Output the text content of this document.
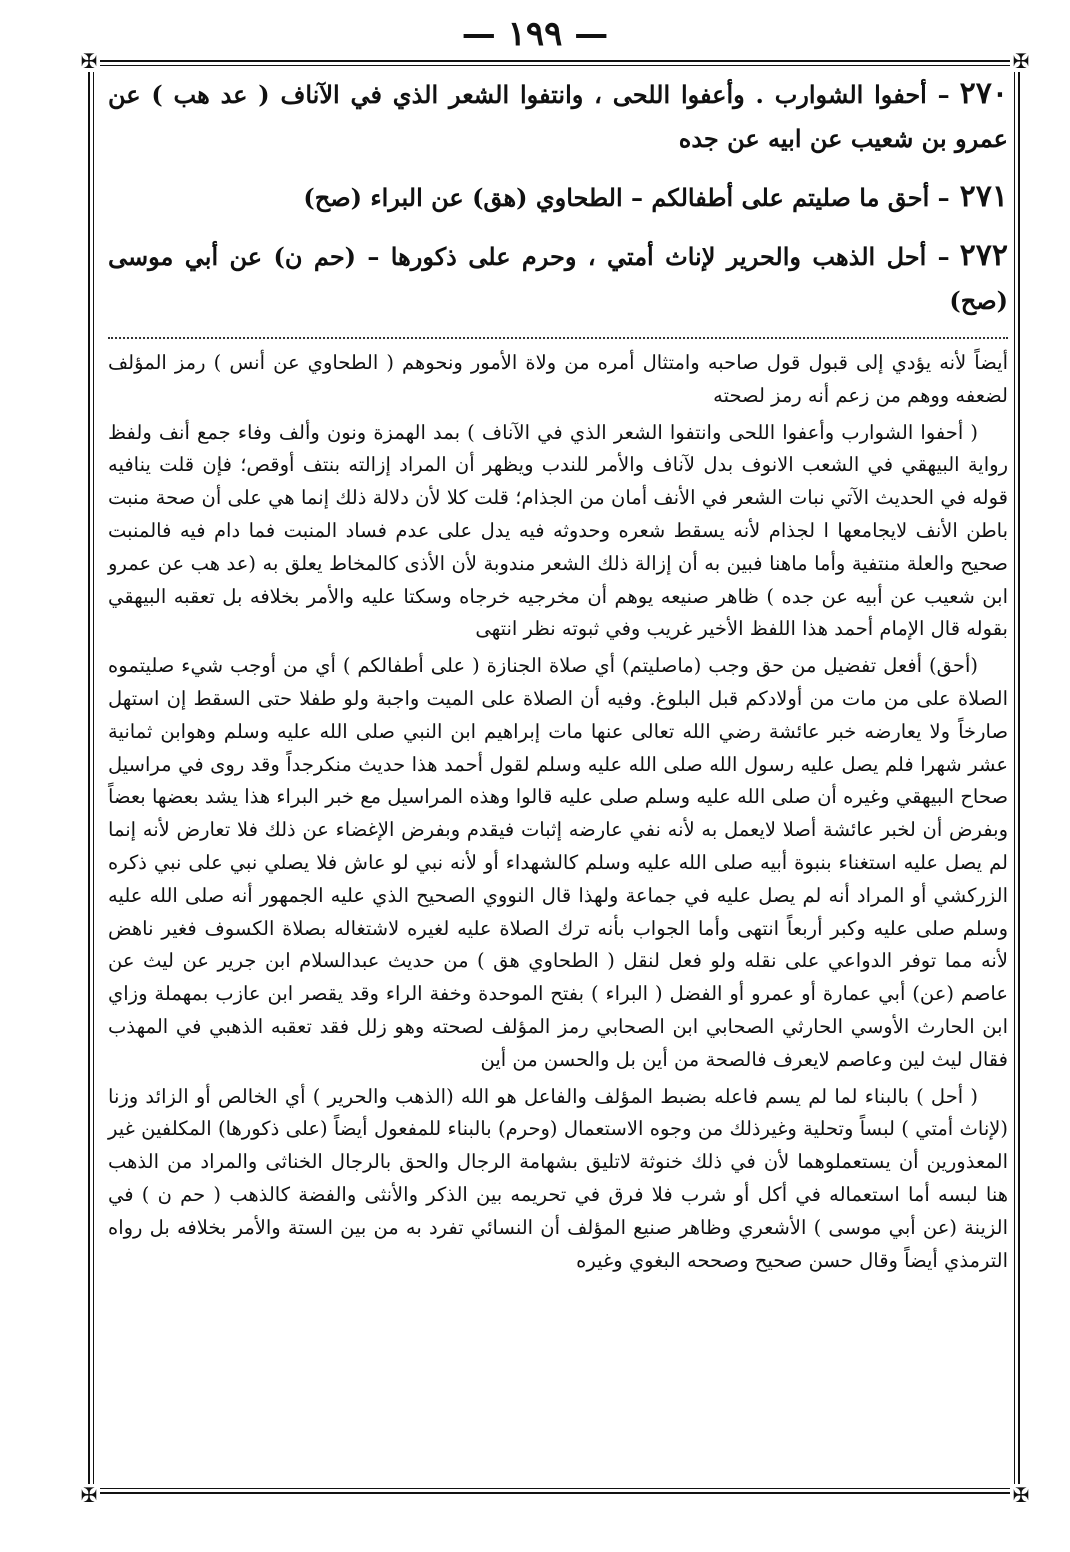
— ١٩٩ —
✠	✠
✠	✠
٢٧٠– أحفوا الشوارب . وأعفوا اللحى ، وانتفوا الشعر الذي في الآناف ( عد هب ) عن عمرو بن شعيب عن ابيه عن جده
٢٧١– أحق ما صليتم على أطفالكم – الطحاوي (هق) عن البراء (صح)
٢٧٢– أحل الذهب والحرير لإناث أمتي ، وحرم على ذكورها – (حم ن) عن أبي موسى (صح)

أيضاً لأنه يؤدي إلى قبول قول صاحبه وامتثال أمره من ولاة الأمور ونحوهم ( الطحاوي عن أنس ) رمز المؤلف لضعفه ووهم من زعم أنه رمز لصحته

( أحفوا الشوارب وأعفوا اللحى وانتفوا الشعر الذي في الآناف ) بمد الهمزة ونون وألف وفاء جمع أنف ولفظ رواية البيهقي في الشعب الانوف بدل لآناف والأمر للندب ويظهر أن المراد إزالته بنتف أوقص؛ فإن قلت ينافيه قوله في الحديث الآتي نبات الشعر في الأنف أمان من الجذام؛ قلت كلا لأن دلالة ذلك إنما هي على أن صحة منبت باطن الأنف لايجامعها ا لجذام لأنه يسقط شعره وحدوثه فيه يدل على عدم فساد المنبت فما دام فيه فالمنبت صحيح والعلة منتفية وأما ماهنا فبين به أن إزالة ذلك الشعر مندوبة لأن الأذى كالمخاط يعلق به (عد هب عن عمرو ابن شعيب عن أبيه عن جده ) ظاهر صنيعه يوهم أن مخرجيه خرجاه وسكتا عليه والأمر بخلافه بل تعقبه البيهقي بقوله قال الإمام أحمد هذا اللفظ الأخير غريب وفي ثبوته نظر انتهى

(أحق) أفعل تفضيل من حق وجب (ماصليتم) أي صلاة الجنازة ( على أطفالكم ) أي من أوجب شيء صليتموه الصلاة على من مات من أولادكم قبل البلوغ. وفيه أن الصلاة على الميت واجبة ولو طفلا حتى السقط إن استهل صارخاً ولا يعارضه خبر عائشة رضي الله تعالى عنها مات إبراهيم ابن النبي صلى الله عليه وسلم وهوابن ثمانية عشر شهرا فلم يصل عليه رسول الله صلى الله عليه وسلم لقول أحمد هذا حديث منكرجداً وقد روى في مراسيل صحاح البيهقي وغيره أن صلى الله عليه وسلم صلى عليه قالوا وهذه المراسيل مع خبر البراء هذا يشد بعضها بعضاً وبفرض أن لخبر عائشة أصلا لايعمل به لأنه نفي عارضه إثبات فيقدم وبفرض الإغضاء عن ذلك فلا تعارض لأنه إنما لم يصل عليه استغناء بنبوة أبيه صلى الله عليه وسلم كالشهداء أو لأنه نبي لو عاش فلا يصلي نبي على نبي ذكره الزركشي أو المراد أنه لم يصل عليه في جماعة ولهذا قال النووي الصحيح الذي عليه الجمهور أنه صلى الله عليه وسلم صلى عليه وكبر أربعاً انتهى وأما الجواب بأنه ترك الصلاة عليه لغيره لاشتغاله بصلاة الكسوف فغير ناهض لأنه مما توفر الدواعي على نقله ولو فعل لنقل ( الطحاوي هق ) من حديث عبدالسلام ابن جرير عن ليث عن عاصم (عن) أبي عمارة أو عمرو أو الفضل ( البراء ) بفتح الموحدة وخفة الراء وقد يقصر ابن عازب بمهملة وزاي ابن الحارث الأوسي الحارثي الصحابي ابن الصحابي رمز المؤلف لصحته وهو زلل فقد تعقبه الذهبي في المهذب فقال ليث لين وعاصم لايعرف فالصحة من أين بل والحسن من أين

( أحل ) بالبناء لما لم يسم فاعله بضبط المؤلف والفاعل هو الله (الذهب والحرير ) أي الخالص أو الزائد وزنا (لإناث أمتي ) لبساً وتحلية وغيرذلك من وجوه الاستعمال (وحرم) بالبناء للمفعول أيضاً (على ذكورها) المكلفين غير المعذورين أن يستعملوهما لأن في ذلك خنوثة لاتليق بشهامة الرجال والحق بالرجال الخناثى والمراد من الذهب هنا لبسه أما استعماله في أكل أو شرب فلا فرق في تحريمه بين الذكر والأنثى والفضة كالذهب ( حم ن ) في الزينة (عن أبي موسى ) الأشعري وظاهر صنيع المؤلف أن النسائي تفرد به من بين الستة والأمر بخلافه بل رواه الترمذي أيضاً وقال حسن صحيح وصححه البغوي وغيره
